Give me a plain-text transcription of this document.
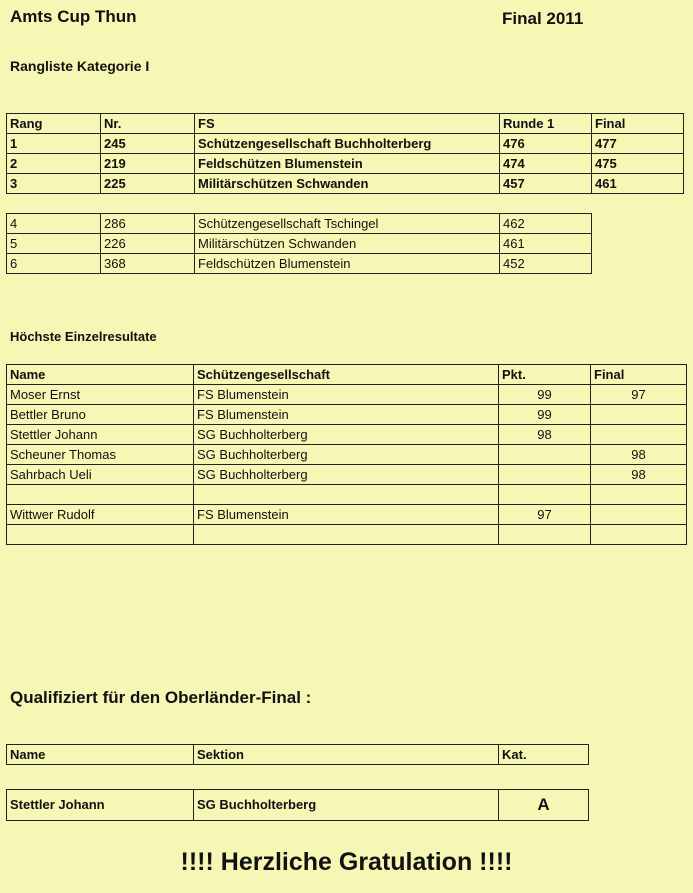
Amts Cup Thun	Final 2011
Rangliste Kategorie I
Rang	Nr.	FS	Runde 1	Final
1	245	Schützengesellschaft Buchholterberg	476	477
2	219	Feldschützen Blumenstein	474	475
3	225	Militärschützen Schwanden	457	461
4	286	Schützengesellschaft Tschingel	462
5	226	Militärschützen Schwanden	461
6	368	Feldschützen Blumenstein	452
Höchste Einzelresultate
Name	Schützengesellschaft	Pkt.	Final
Moser Ernst	FS Blumenstein	99	97
Bettler Bruno	FS Blumenstein	99	
Stettler Johann	SG Buchholterberg	98	
Scheuner Thomas	SG Buchholterberg		98
Sahrbach Ueli	SG Buchholterberg		98

Wittwer Rudolf	FS Blumenstein	97	

Qualifiziert für den Oberländer-Final :
Name	Sektion	Kat.
Stettler Johann	SG Buchholterberg	A
!!!! Herzliche Gratulation !!!!
